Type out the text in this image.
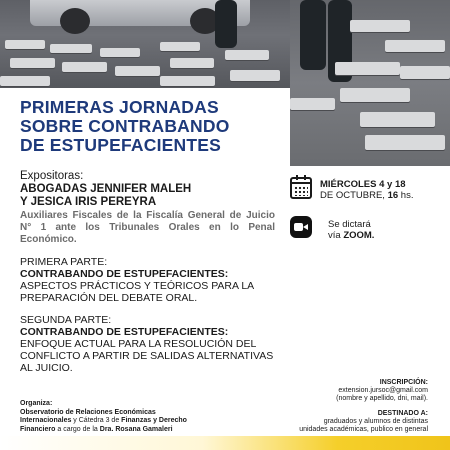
PRIMERAS JORNADAS
SOBRE CONTRABANDO
DE ESTUPEFACIENTES
Expositoras:
ABOGADAS JENNIFER MALEH
Y JESICA IRIS PEREYRA
Auxiliares Fiscales de la Fiscalía General de Juicio N° 1 ante los Tribunales Orales en lo Penal Económico.
PRIMERA PARTE:
CONTRABANDO DE ESTUPEFACIENTES:
ASPECTOS PRÁCTICOS Y TEÓRICOS PARA LA PREPARACIÓN DEL DEBATE ORAL.
SEGUNDA PARTE:
CONTRABANDO DE ESTUPEFACIENTES:
ENFOQUE ACTUAL PARA LA RESOLUCIÓN DEL CONFLICTO A PARTIR DE SALIDAS ALTERNATIVAS AL JUICIO.
MIÉRCOLES 4 y 18
DE OCTUBRE, 16 hs.
Se dictará
vía ZOOM.
INSCRIPCIÓN:
extension.jursoc@gmail.com
(nombre y apellido, dni, mail).
DESTINADO A:
graduados y alumnos de distintas
unidades académicas, publico en general
Organiza:
Observatorio de Relaciones Económicas
Internacionales y Cátedra 3 de Finanzas y Derecho
Financiero a cargo de la Dra. Rosana Gamaleri
